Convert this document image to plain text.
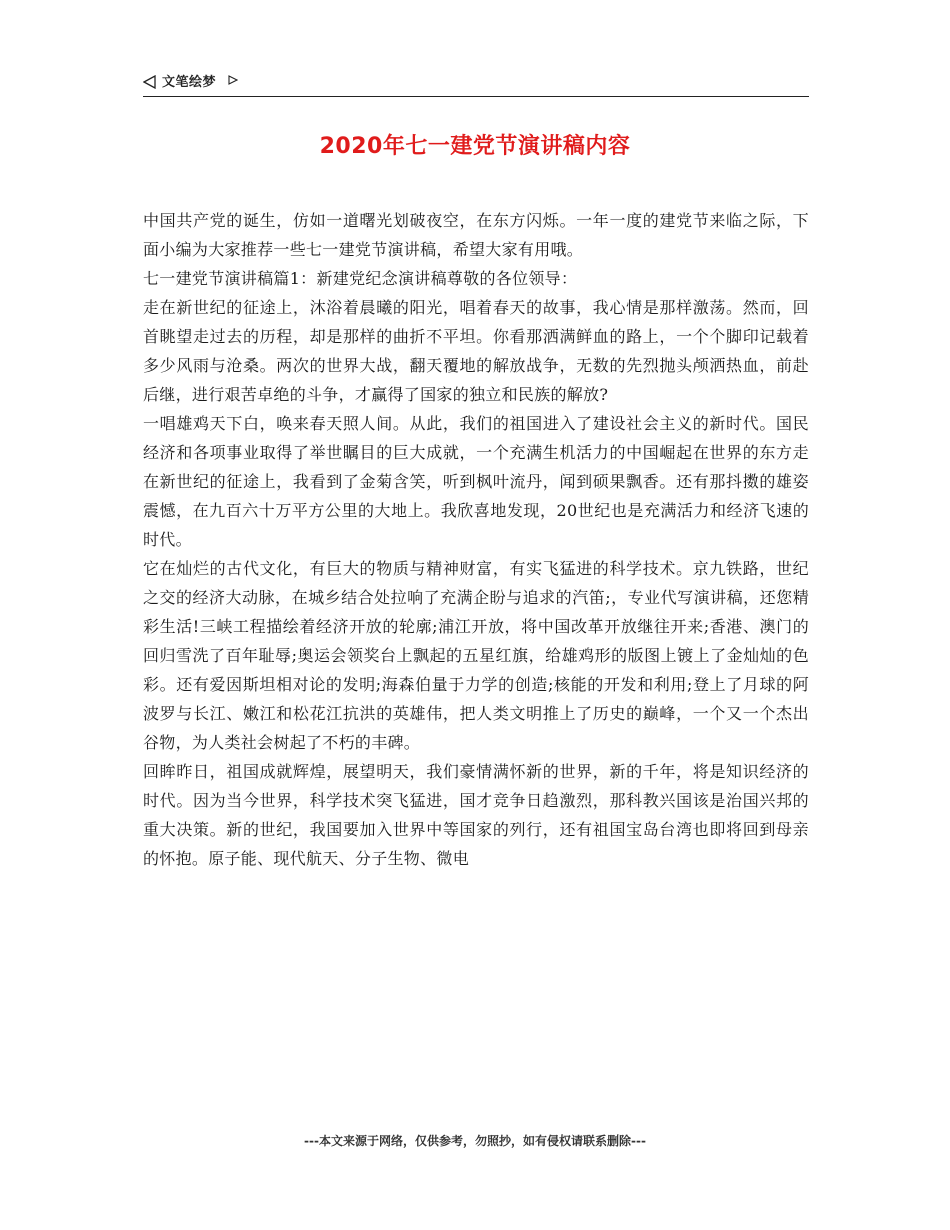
文笔绘梦
2020年七一建党节演讲稿内容

中国共产党的诞生，仿如一道曙光划破夜空，在东方闪烁。一年一度的建党节来临之际，下面小编为大家推荐一些七一建党节演讲稿，希望大家有用哦。

七一建党节演讲稿篇1：新建党纪念演讲稿尊敬的各位领导：

走在新世纪的征途上，沐浴着晨曦的阳光，唱着春天的故事，我心情是那样激荡。然而，回首眺望走过去的历程，却是那样的曲折不平坦。你看那洒满鲜血的路上，一个个脚印记载着多少风雨与沧桑。两次的世界大战，翻天覆地的解放战争，无数的先烈抛头颅洒热血，前赴后继，进行艰苦卓绝的斗争，才赢得了国家的独立和民族的解放?

一唱雄鸡天下白，唤来春天照人间。从此，我们的祖国进入了建设社会主义的新时代。国民经济和各项事业取得了举世瞩目的巨大成就，一个充满生机活力的中国崛起在世界的东方走在新世纪的征途上，我看到了金菊含笑，听到枫叶流丹，闻到硕果飘香。还有那抖擞的雄姿震憾，在九百六十万平方公里的大地上。我欣喜地发现，20世纪也是充满活力和经济飞速的时代。

它在灿烂的古代文化，有巨大的物质与精神财富，有实飞猛进的科学技术。京九铁路，世纪之交的经济大动脉，在城乡结合处拉响了充满企盼与追求的汽笛;，专业代写演讲稿，还您精彩生活!三峡工程描绘着经济开放的轮廓;浦江开放，将中国改革开放继往开来;香港、澳门的回归雪洗了百年耻辱;奥运会领奖台上飘起的五星红旗，给雄鸡形的版图上镀上了金灿灿的色彩。还有爱因斯坦相对论的发明;海森伯量于力学的创造;核能的开发和利用;登上了月球的阿波罗与长江、嫩江和松花江抗洪的英雄伟，把人类文明推上了历史的巅峰，一个又一个杰出谷物，为人类社会树起了不朽的丰碑。

回眸昨日，祖国成就辉煌，展望明天，我们豪情满怀新的世界，新的千年，将是知识经济的时代。因为当今世界，科学技术突飞猛进，国才竞争日趋激烈，那科教兴国该是治国兴邦的重大决策。新的世纪，我国要加入世界中等国家的列行，还有祖国宝岛台湾也即将回到母亲的怀抱。原子能、现代航天、分子生物、微电

---本文来源于网络，仅供参考，勿照抄，如有侵权请联系删除---
